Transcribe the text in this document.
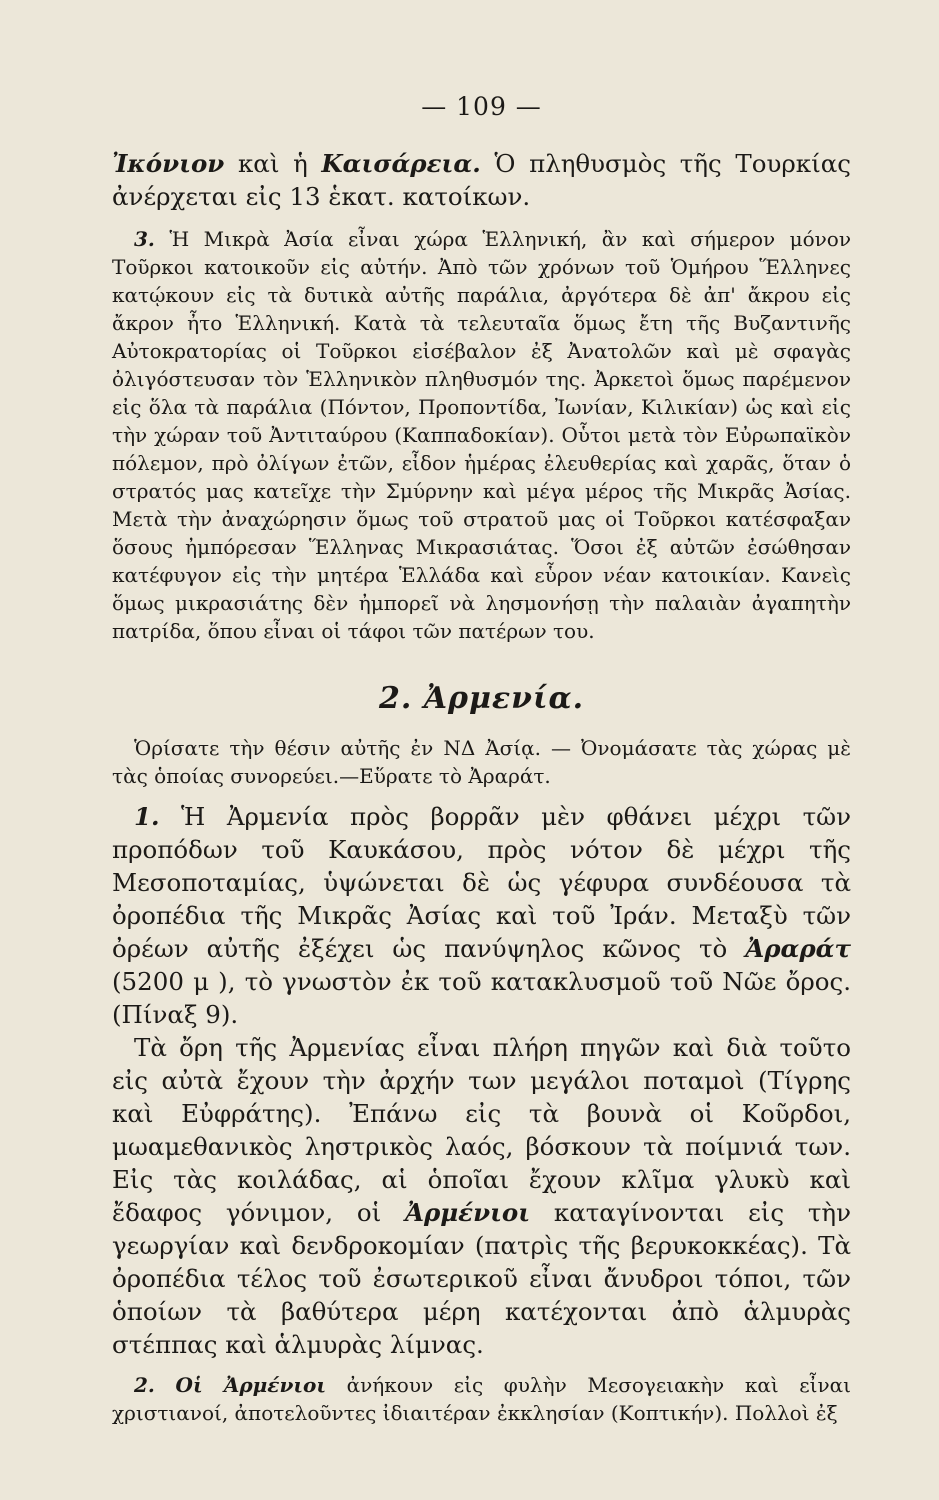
— 109 —

Ἰκόνιον καὶ ἡ Καισάρεια. Ὁ πληθυσμὸς τῆς Τουρκίας ἀνέρχεται εἰς 13 ἑκατ. κατοίκων.

3. Ἡ Μικρὰ Ἀσία εἶναι χώρα Ἑλληνική, ἂν καὶ σήμερον μόνον Τοῦρκοι κατοικοῦν εἰς αὐτήν. Ἀπὸ τῶν χρόνων τοῦ Ὁμήρου Ἕλληνες κατῴκουν εἰς τὰ δυτικὰ αὐτῆς παράλια, ἀργότερα δὲ ἀπ' ἄκρου εἰς ἄκρον ἦτο Ἑλληνική. Κατὰ τὰ τελευταῖα ὅμως ἔτη τῆς Βυζαντινῆς Αὐτοκρατορίας οἱ Τοῦρκοι εἰσέβαλον ἐξ Ἀνατολῶν καὶ μὲ σφαγὰς ὀλιγόστευσαν τὸν Ἑλληνικὸν πληθυσμόν της. Ἀρκετοὶ ὅμως παρέμενον εἰς ὅλα τὰ παράλια (Πόντον, Προποντίδα, Ἰωνίαν, Κιλικίαν) ὡς καὶ εἰς τὴν χώραν τοῦ Ἀντιταύρου (Καππαδοκίαν). Οὗτοι μετὰ τὸν Εὐρωπαϊκὸν πόλεμον, πρὸ ὀλίγων ἐτῶν, εἶδον ἡμέρας ἐλευθερίας καὶ χαρᾶς, ὅταν ὁ στρατός μας κατεῖχε τὴν Σμύρνην καὶ μέγα μέρος τῆς Μικρᾶς Ἀσίας. Μετὰ τὴν ἀναχώρησιν ὅμως τοῦ στρατοῦ μας οἱ Τοῦρκοι κατέσφαξαν ὅσους ἠμπόρεσαν Ἕλληνας Μικρασιάτας. Ὅσοι ἐξ αὐτῶν ἐσώθησαν κατέφυγον εἰς τὴν μητέρα Ἑλλάδα καὶ εὗρον νέαν κατοικίαν. Κανεὶς ὅμως μικρασιάτης δὲν ἠμπορεῖ νὰ λησμονήσῃ τὴν παλαιὰν ἀγαπητὴν πατρίδα, ὅπου εἶναι οἱ τάφοι τῶν πατέρων του.

2. Ἀρμενία.

Ὁρίσατε τὴν θέσιν αὐτῆς ἐν ΝΔ Ἀσίᾳ. — Ὀνομάσατε τὰς χώρας μὲ τὰς ὁποίας συνορεύει.—Εὕρατε τὸ Ἀραράτ.

1. Ἡ Ἀρμενία πρὸς βορρᾶν μὲν φθάνει μέχρι τῶν προπόδων τοῦ Καυκάσου, πρὸς νότον δὲ μέχρι τῆς Μεσοποταμίας, ὑψώνεται δὲ ὡς γέφυρα συνδέουσα τὰ ὀροπέδια τῆς Μικρᾶς Ἀσίας καὶ τοῦ Ἰράν. Μεταξὺ τῶν ὀρέων αὐτῆς ἐξέχει ὡς πανύψηλος κῶνος τὸ Ἀραράτ (5200 μ ), τὸ γνωστὸν ἐκ τοῦ κατακλυσμοῦ τοῦ Νῶε ὄρος. (Πίναξ 9).

Τὰ ὄρη τῆς Ἀρμενίας εἶναι πλήρη πηγῶν καὶ διὰ τοῦτο εἰς αὐτὰ ἔχουν τὴν ἀρχήν των μεγάλοι ποταμοὶ (Τίγρης καὶ Εὐφράτης). Ἐπάνω εἰς τὰ βουνὰ οἱ Κοῦρδοι, μωαμεθανικὸς ληστρικὸς λαός, βόσκουν τὰ ποίμνιά των. Εἰς τὰς κοιλάδας, αἱ ὁποῖαι ἔχουν κλῖμα γλυκὺ καὶ ἔδαφος γόνιμον, οἱ Ἀρμένιοι καταγίνονται εἰς τὴν γεωργίαν καὶ δενδροκομίαν (πατρὶς τῆς βερυκοκκέας). Τὰ ὀροπέδια τέλος τοῦ ἐσωτερικοῦ εἶναι ἄνυδροι τόποι, τῶν ὁποίων τὰ βαθύτερα μέρη κατέχονται ἀπὸ ἁλμυρὰς στέππας καὶ ἁλμυρὰς λίμνας.

2. Οἱ Ἀρμένιοι ἀνήκουν εἰς φυλὴν Μεσογειακὴν καὶ εἶναι χριστιανοί, ἀποτελοῦντες ἰδιαιτέραν ἐκκλησίαν (Κοπτικήν). Πολλοὶ ἐξ
